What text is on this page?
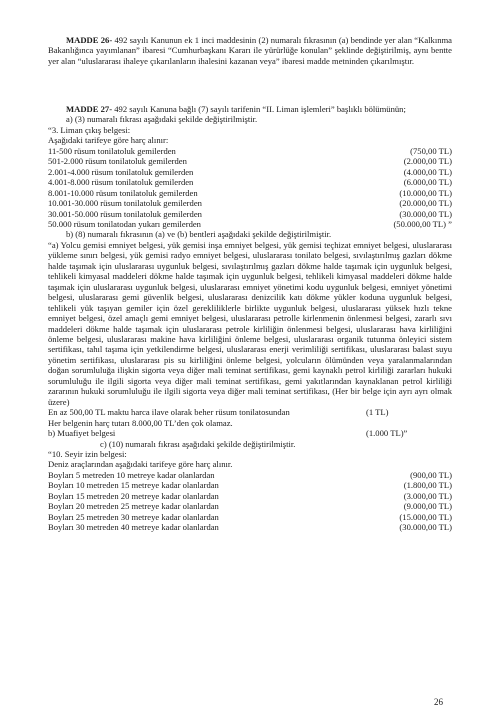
MADDE 26- 492 sayılı Kanunun ek 1 inci maddesinin (2) numaralı fıkrasının (a) bendinde yer alan “Kalkınma Bakanlığınca yayımlanan” ibaresi “Cumhurbaşkanı Kararı ile yürürlüğe konulan” şeklinde değiştirilmiş, aynı bentte yer alan “uluslararası ihaleye çıkarılanların ihalesini kazanan veya” ibaresi madde metninden çıkarılmıştır.

MADDE 27- 492 sayılı Kanuna bağlı (7) sayılı tarifenin “II. Liman işlemleri” başlıklı bölümünün;

a) (3) numaralı fıkrası aşağıdaki şekilde değiştirilmiştir.

“3. Liman çıkış belgesi:

Aşağıdaki tarifeye göre harç alınır:

11-500 rüsum tonilatoluk gemilerden	(750,00 TL)
501-2.000 rüsum tonilatoluk gemilerden	(2.000,00 TL)
2.001-4.000 rüsum tonilatoluk gemilerden	(4.000,00 TL)
4.001-8.000 rüsum tonilatoluk gemilerden	(6.000,00 TL)
8.001-10.000 rüsum tonilatoluk gemilerden	(10.000,00 TL)
10.001-30.000 rüsum tonilatoluk gemilerden	(20.000,00 TL)
30.001-50.000 rüsum tonilatoluk gemilerden	(30.000,00 TL)
50.000 rüsum tonilatodan yukarı gemilerden	(50.000,00 TL) ”

b) (8) numaralı fıkrasının (a) ve (b) bentleri aşağıdaki şekilde değiştirilmiştir.

“a) Yolcu gemisi emniyet belgesi, yük gemisi inşa emniyet belgesi, yük gemisi teçhizat emniyet belgesi, uluslararası yükleme sınırı belgesi, yük gemisi radyo emniyet belgesi, uluslararası tonilato belgesi, sıvılaştırılmış gazları dökme halde taşımak için uluslararası uygunluk belgesi, sıvılaştırılmış gazları dökme halde taşımak için uygunluk belgesi, tehlikeli kimyasal maddeleri dökme halde taşımak için uygunluk belgesi, tehlikeli kimyasal maddeleri dökme halde taşımak için uluslararası uygunluk belgesi, uluslararası emniyet yönetimi kodu uygunluk belgesi, emniyet yönetimi belgesi, uluslararası gemi güvenlik belgesi, uluslararası denizcilik katı dökme yükler koduna uygunluk belgesi, tehlikeli yük taşıyan gemiler için özel gerekliliklerle birlikte uygunluk belgesi, uluslararası yüksek hızlı tekne emniyet belgesi, özel amaçlı gemi emniyet belgesi, uluslararası petrolle kirlenmenin önlenmesi belgesi, zararlı sıvı maddeleri dökme halde taşımak için uluslararası petrole kirliliğin önlenmesi belgesi, uluslararası hava kirliliğini önleme belgesi, uluslararası makine hava kirliliğini önleme belgesi, uluslararası organik tutunma önleyici sistem sertifikası, tahıl taşıma için yetkilendirme belgesi, uluslararası enerji verimliliği sertifikası, uluslararası balast suyu yönetim sertifikası, uluslararası pis su kirliliğini önleme belgesi, yolcuların ölümünden veya yaralanmalarından doğan sorumluluğa ilişkin sigorta veya diğer mali teminat sertifikası, gemi kaynaklı petrol kirliliği zararları hukuki sorumluluğu ile ilgili sigorta veya diğer mali teminat sertifikası, gemi yakıtlarından kaynaklanan petrol kirliliği zararının hukuki sorumluluğu ile ilgili sigorta veya diğer mali teminat sertifikası, (Her bir belge için ayrı ayrı olmak üzere)

En az 500,00 TL maktu harca ilave olarak beher rüsum tonilatosundan	(1 TL)

Her belgenin harç tutarı 8.000,00 TL’den çok olamaz.

b) Muafiyet belgesi	(1.000 TL)”

c) (10) numaralı fıkrası aşağıdaki şekilde değiştirilmiştir.

“10. Seyir izin belgesi:

Deniz araçlarından aşağıdaki tarifeye göre harç alınır.

Boyları 5 metreden 10 metreye kadar olanlardan	(900,00 TL)
Boyları 10 metreden 15 metreye kadar olanlardan	(1.800,00 TL)
Boyları 15 metreden 20 metreye kadar olanlardan	(3.000,00 TL)
Boyları 20 metreden 25 metreye kadar olanlardan	(9.000,00 TL)
Boyları 25 metreden 30 metreye kadar olanlardan	(15.000,00 TL)
Boyları 30 metreden 40 metreye kadar olanlardan	(30.000,00 TL)
26
